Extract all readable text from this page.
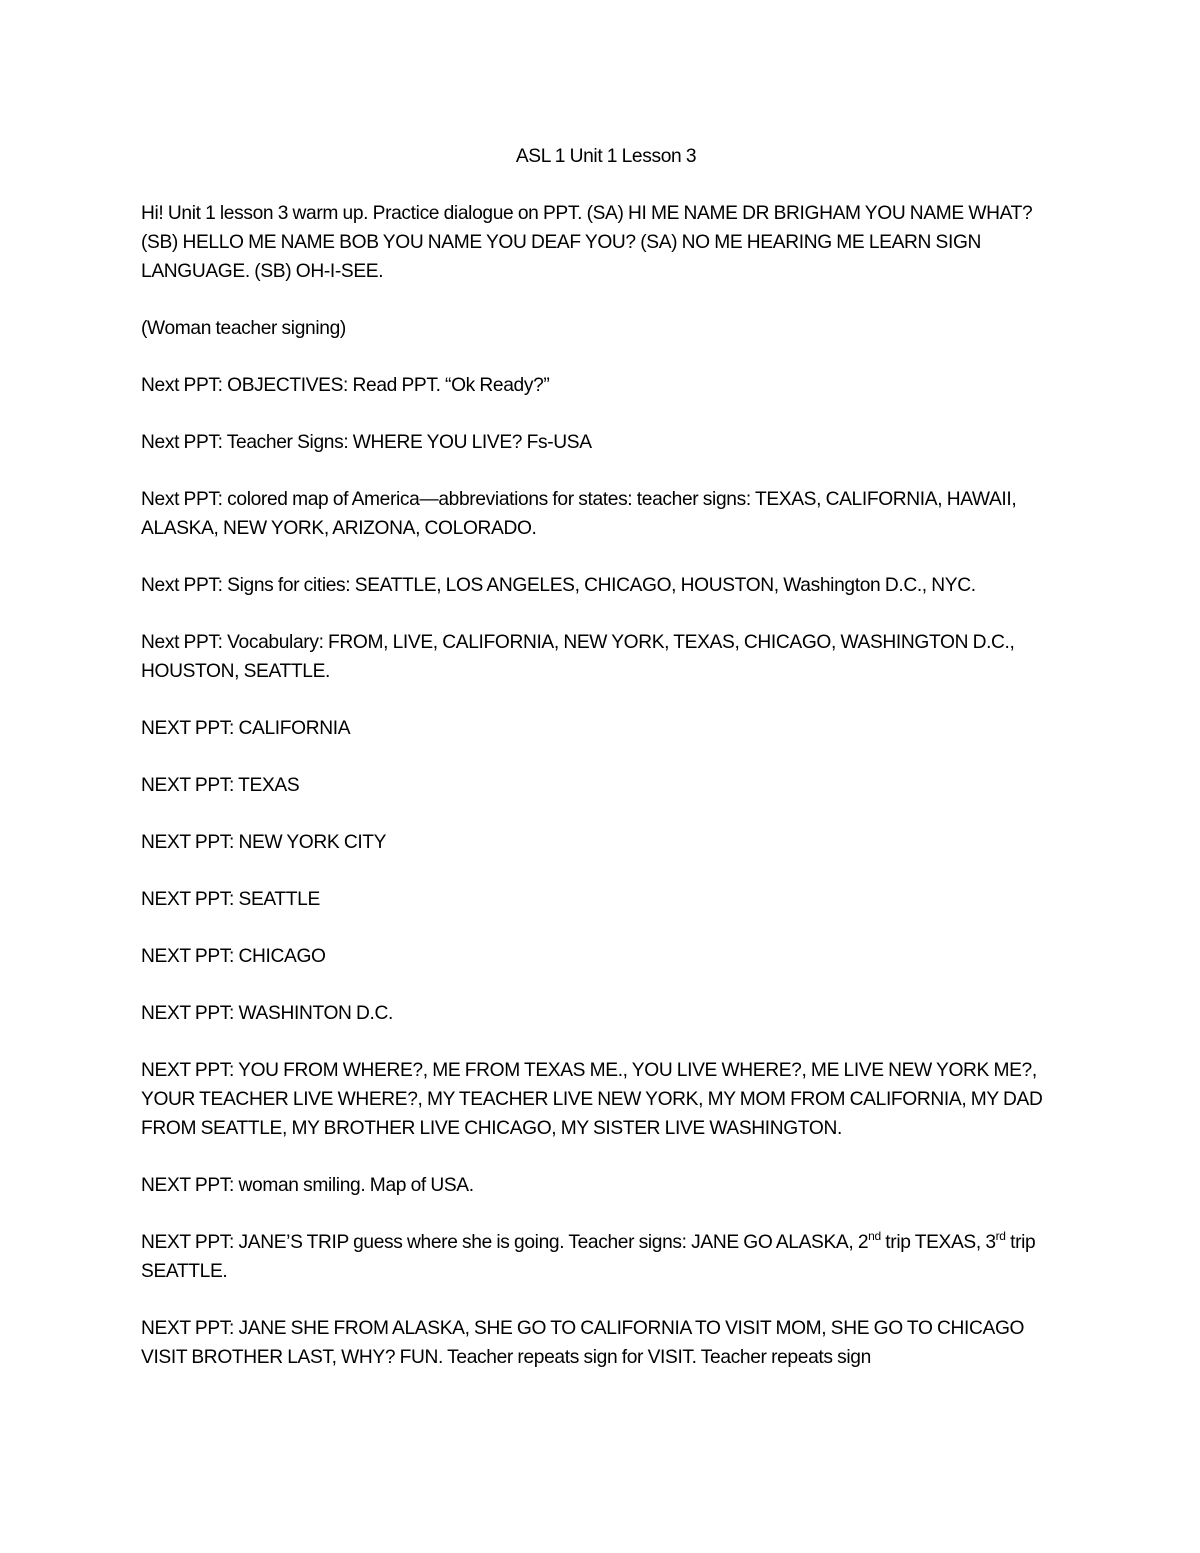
ASL 1 Unit 1 Lesson 3

Hi! Unit 1 lesson 3 warm up. Practice dialogue on PPT. (SA) HI ME NAME DR BRIGHAM YOU NAME WHAT? (SB) HELLO ME NAME BOB YOU NAME YOU DEAF YOU? (SA) NO ME HEARING ME LEARN SIGN LANGUAGE. (SB) OH-I-SEE.

(Woman teacher signing)

Next PPT: OBJECTIVES: Read PPT. “Ok Ready?”

Next PPT: Teacher Signs: WHERE YOU LIVE? Fs-USA

Next PPT: colored map of America—abbreviations for states: teacher signs: TEXAS, CALIFORNIA, HAWAII, ALASKA, NEW YORK, ARIZONA, COLORADO.

Next PPT: Signs for cities: SEATTLE, LOS ANGELES, CHICAGO, HOUSTON, Washington D.C., NYC.

Next PPT: Vocabulary: FROM, LIVE, CALIFORNIA, NEW YORK, TEXAS, CHICAGO, WASHINGTON D.C., HOUSTON, SEATTLE.

NEXT PPT: CALIFORNIA

NEXT PPT: TEXAS

NEXT PPT: NEW YORK CITY

NEXT PPT: SEATTLE

NEXT PPT: CHICAGO

NEXT PPT: WASHINTON D.C.

NEXT PPT: YOU FROM WHERE?, ME FROM TEXAS ME., YOU LIVE WHERE?, ME LIVE NEW YORK ME?, YOUR TEACHER LIVE WHERE?, MY TEACHER LIVE NEW YORK, MY MOM FROM CALIFORNIA, MY DAD FROM SEATTLE, MY BROTHER LIVE CHICAGO, MY SISTER LIVE WASHINGTON.

NEXT PPT: woman smiling. Map of USA.

NEXT PPT: JANE’S TRIP guess where she is going. Teacher signs: JANE GO ALASKA, 2nd trip TEXAS, 3rd trip SEATTLE.

NEXT PPT: JANE SHE FROM ALASKA, SHE GO TO CALIFORNIA TO VISIT MOM, SHE GO TO CHICAGO VISIT BROTHER LAST, WHY? FUN. Teacher repeats sign for VISIT. Teacher repeats sign
